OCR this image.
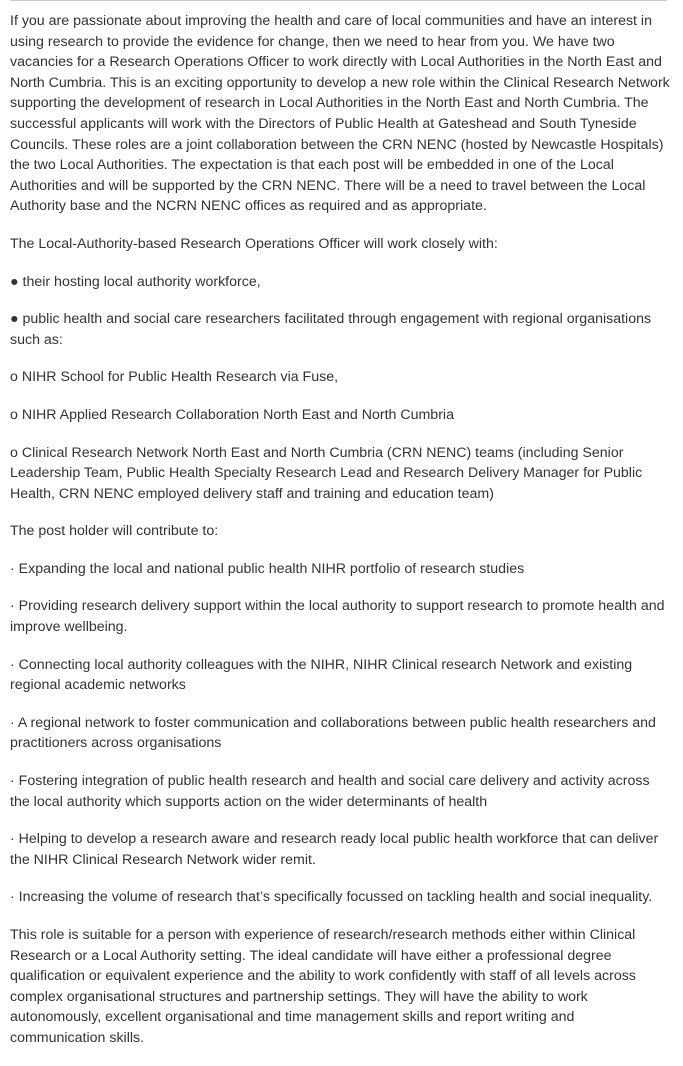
If you are passionate about improving the health and care of local communities and have an interest in using research to provide the evidence for change, then we need to hear from you. We have two vacancies for a Research Operations Officer to work directly with Local Authorities in the North East and North Cumbria. This is an exciting opportunity to develop a new role within the Clinical Research Network supporting the development of research in Local Authorities in the North East and North Cumbria. The successful applicants will work with the Directors of Public Health at Gateshead and South Tyneside Councils. These roles are a joint collaboration between the CRN NENC (hosted by Newcastle Hospitals) the two Local Authorities. The expectation is that each post will be embedded in one of the Local Authorities and will be supported by the CRN NENC. There will be a need to travel between the Local Authority base and the NCRN NENC offices as required and as appropriate.

The Local-Authority-based Research Operations Officer will work closely with:

● their hosting local authority workforce,

● public health and social care researchers facilitated through engagement with regional organisations such as:

o NIHR School for Public Health Research via Fuse,

o NIHR Applied Research Collaboration North East and North Cumbria

o Clinical Research Network North East and North Cumbria (CRN NENC) teams (including Senior Leadership Team, Public Health Specialty Research Lead and Research Delivery Manager for Public Health, CRN NENC employed delivery staff and training and education team)

The post holder will contribute to:

· Expanding the local and national public health NIHR portfolio of research studies

· Providing research delivery support within the local authority to support research to promote health and improve wellbeing.

· Connecting local authority colleagues with the NIHR, NIHR Clinical research Network and existing regional academic networks

· A regional network to foster communication and collaborations between public health researchers and practitioners across organisations

· Fostering integration of public health research and health and social care delivery and activity across the local authority which supports action on the wider determinants of health

· Helping to develop a research aware and research ready local public health workforce that can deliver the NIHR Clinical Research Network wider remit.

· Increasing the volume of research that’s specifically focussed on tackling health and social inequality.

This role is suitable for a person with experience of research/research methods either within Clinical Research or a Local Authority setting. The ideal candidate will have either a professional degree qualification or equivalent experience and the ability to work confidently with staff of all levels across complex organisational structures and partnership settings. They will have the ability to work autonomously, excellent organisational and time management skills and report writing and communication skills.
